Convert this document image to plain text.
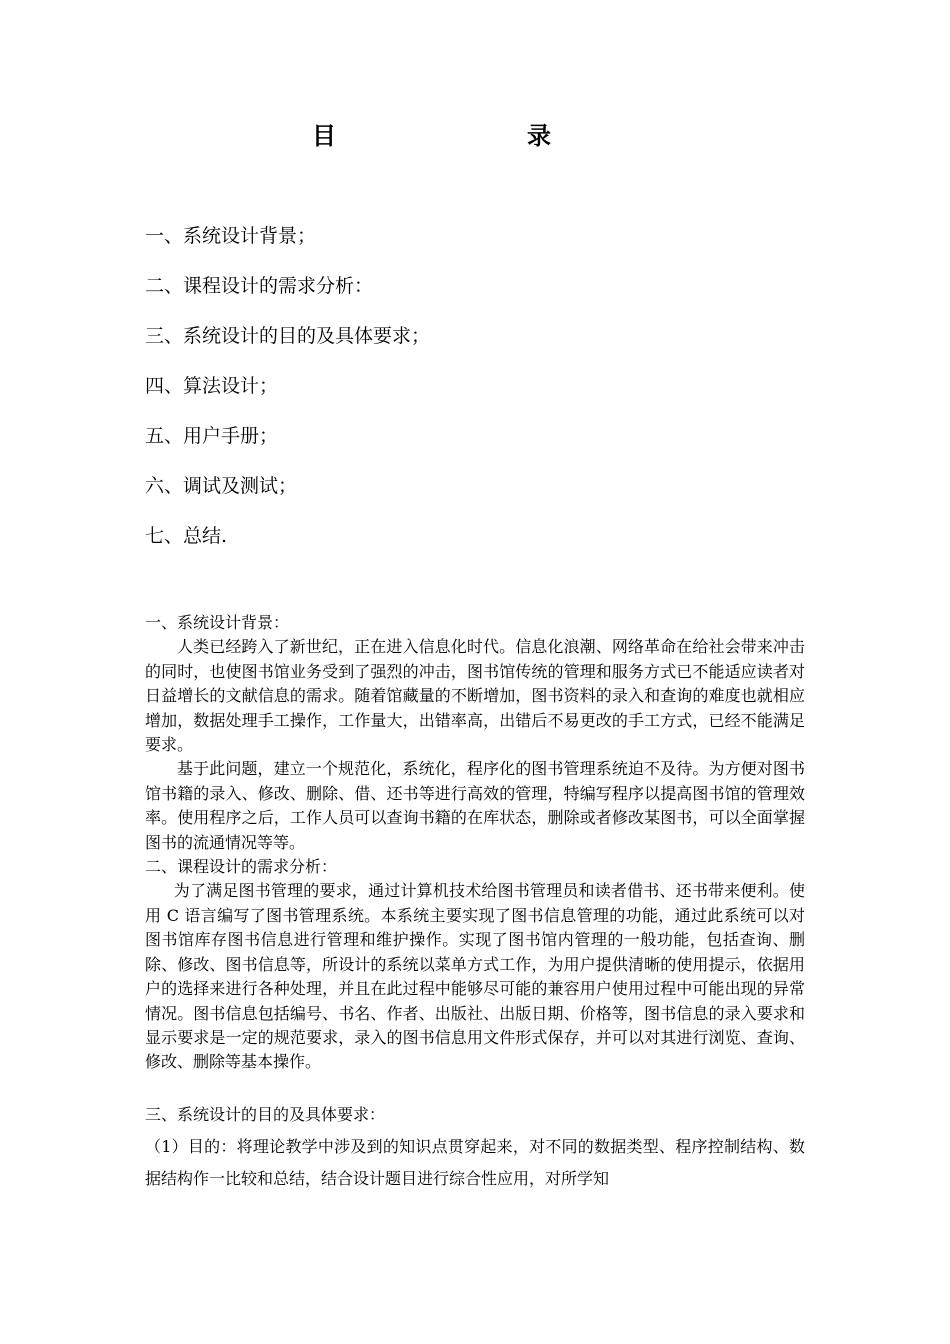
目	录
一、系统设计背景；
二、课程设计的需求分析：
三、系统设计的目的及具体要求；
四、算法设计；
五、用户手册；
六、调试及测试；
七、总结.

一、系统设计背景：

人类已经跨入了新世纪，正在进入信息化时代。信息化浪潮、网络革命在给社会带来冲击的同时，也使图书馆业务受到了强烈的冲击，图书馆传统的管理和服务方式已不能适应读者对日益增长的文献信息的需求。随着馆藏量的不断增加，图书资料的录入和查询的难度也就相应增加，数据处理手工操作，工作量大，出错率高，出错后不易更改的手工方式，已经不能满足要求。

基于此问题，建立一个规范化，系统化，程序化的图书管理系统迫不及待。为方便对图书馆书籍的录入、修改、删除、借、还书等进行高效的管理，特编写程序以提高图书馆的管理效率。使用程序之后，工作人员可以查询书籍的在库状态，删除或者修改某图书，可以全面掌握图书的流通情况等等。

二、课程设计的需求分析：

为了满足图书管理的要求，通过计算机技术给图书管理员和读者借书、还书带来便利。使用 C 语言编写了图书管理系统。本系统主要实现了图书信息管理的功能，通过此系统可以对图书馆库存图书信息进行管理和维护操作。实现了图书馆内管理的一般功能，包括查询、删除、修改、图书信息等，所设计的系统以菜单方式工作，为用户提供清晰的使用提示，依据用户的选择来进行各种处理，并且在此过程中能够尽可能的兼容用户使用过程中可能出现的异常情况。图书信息包括编号、书名、作者、出版社、出版日期、价格等，图书信息的录入要求和显示要求是一定的规范要求，录入的图书信息用文件形式保存，并可以对其进行浏览、查询、修改、删除等基本操作。

三、系统设计的目的及具体要求：

（1）目的：将理论教学中涉及到的知识点贯穿起来，对不同的数据类型、程序控制结构、数据结构作一比较和总结，结合设计题目进行综合性应用，对所学知
